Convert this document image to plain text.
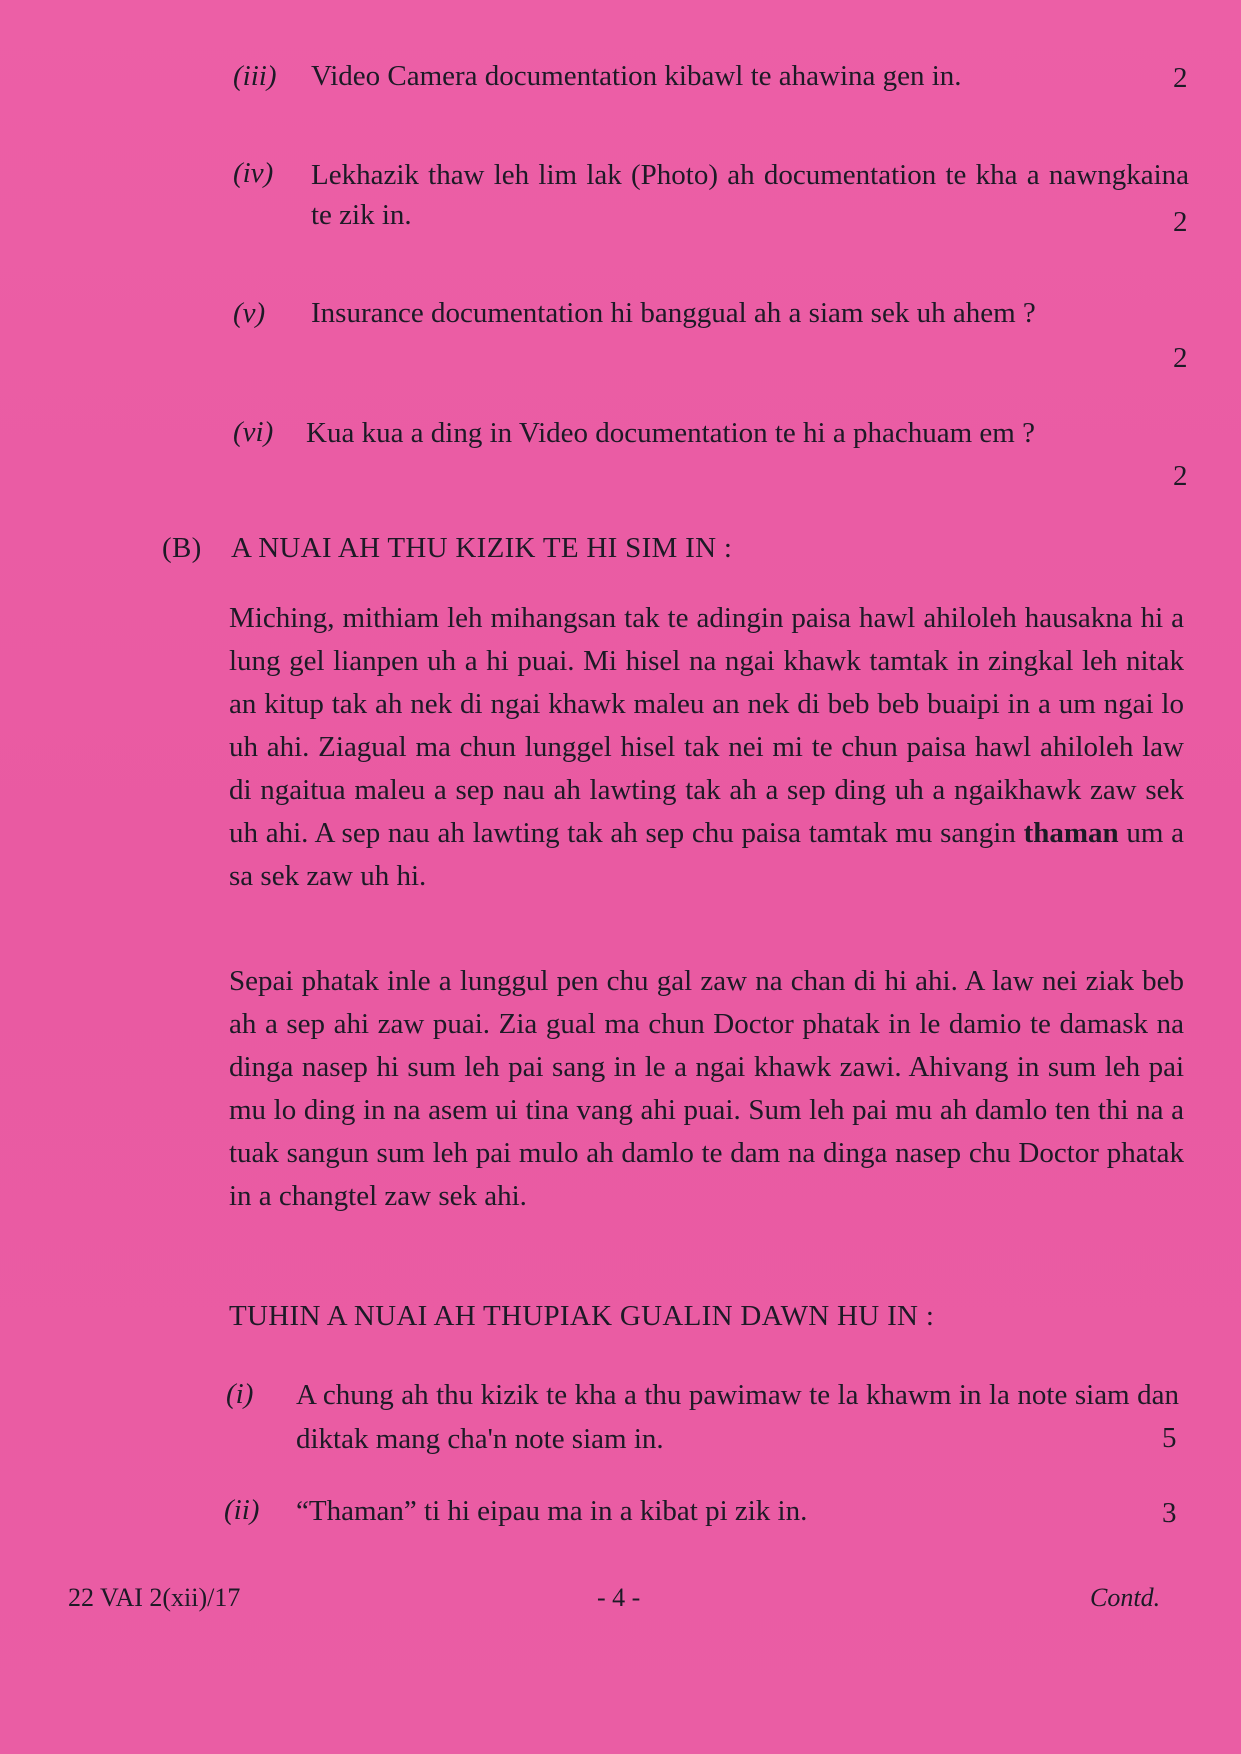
(iii) Video Camera documentation kibawl te ahawina gen in.	2
(iv) Lekhazik thaw leh lim lak (Photo) ah documentation te kha a nawngkaina te zik in.	2
(v) Insurance documentation hi banggual ah a siam sek uh ahem ?
2
(vi) Kua kua a ding in Video documentation te hi a phachuam em ?
2
(B) A NUAI AH THU KIZIK TE HI SIM IN :
Miching, mithiam leh mihangsan tak te adingin paisa hawl ahiloleh hausakna hi a lung gel lianpen uh a hi puai. Mi hisel na ngai khawk tamtak in zingkal leh nitak an kitup tak ah nek di ngai khawk maleu an nek di beb beb buaipi in a um ngai lo uh ahi. Ziagual ma chun lunggel hisel tak nei mi te chun paisa hawl ahiloleh law di ngaitua maleu a sep nau ah lawting tak ah a sep ding uh a ngaikhawk zaw sek uh ahi. A sep nau ah lawting tak ah sep chu paisa tamtak mu sangin thaman um a sa sek zaw uh hi.
Sepai phatak inle a lunggul pen chu gal zaw na chan di hi ahi. A law nei ziak beb ah a sep ahi zaw puai. Zia gual ma chun Doctor phatak in le damio te damask na dinga nasep hi sum leh pai sang in le a ngai khawk zawi. Ahivang in sum leh pai mu lo ding in na asem ui tina vang ahi puai. Sum leh pai mu ah damlo ten thi na a tuak sangun sum leh pai mulo ah damlo te dam na dinga nasep chu Doctor phatak in a changtel zaw sek ahi.
TUHIN A NUAI AH THUPIAK GUALIN DAWN HU IN :
(i) A chung ah thu kizik te kha a thu pawimaw te la khawm in la note siam dan diktak mang cha'n note siam in.	5
(ii) “Thaman” ti hi eipau ma in a kibat pi zik in.	3
22 VAI 2(xii)/17	- 4 -	Contd.
